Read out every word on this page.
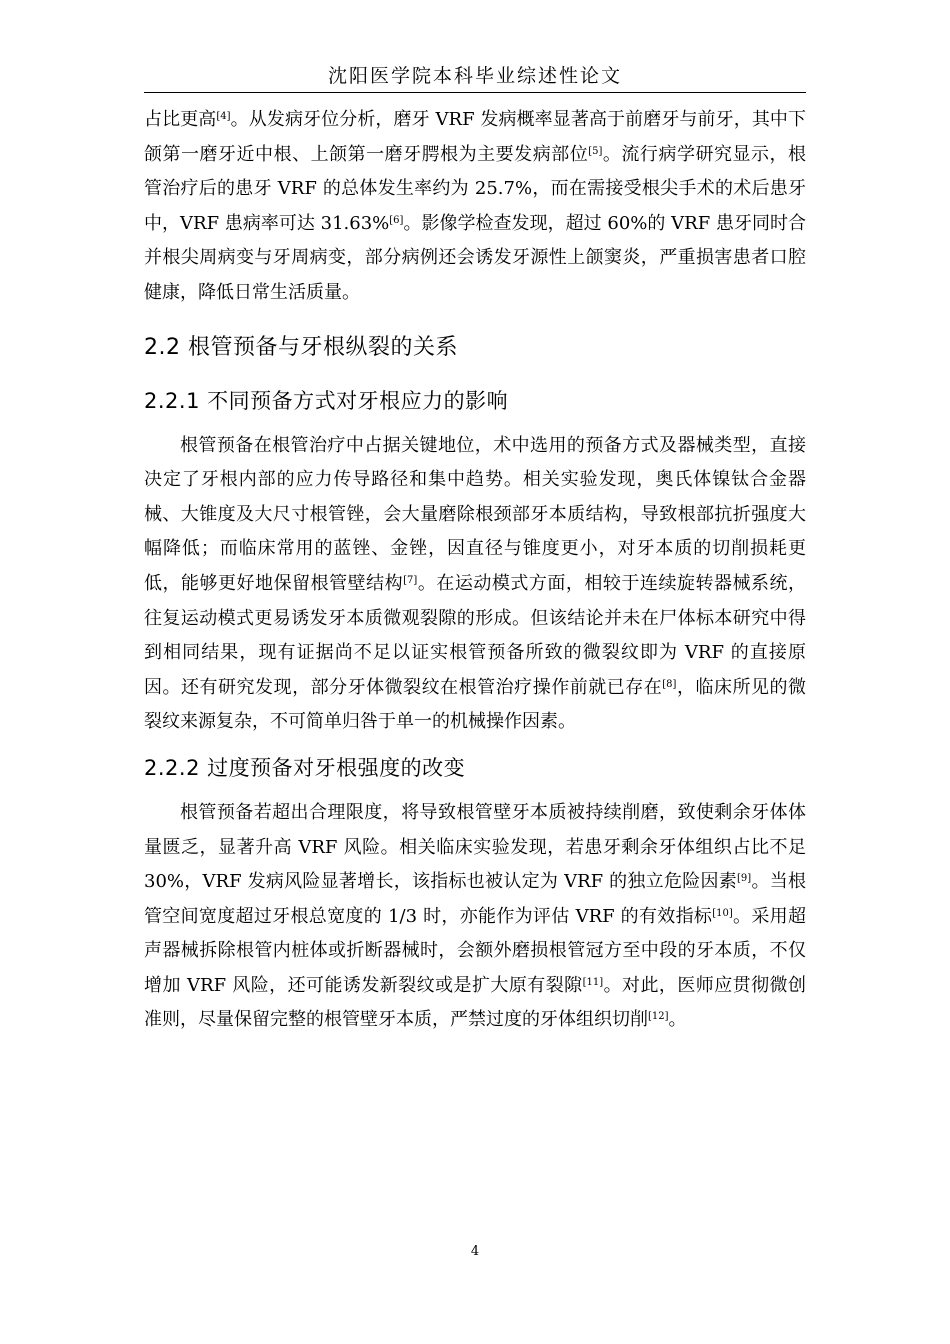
沈阳医学院本科毕业综述性论文

占比更高[4]。从发病牙位分析，磨牙 VRF 发病概率显著高于前磨牙与前牙，其中下颌第一磨牙近中根、上颌第一磨牙腭根为主要发病部位[5]。流行病学研究显示，根管治疗后的患牙 VRF 的总体发生率约为 25.7%，而在需接受根尖手术的术后患牙中，VRF 患病率可达 31.63%[6]。影像学检查发现，超过 60%的 VRF 患牙同时合并根尖周病变与牙周病变，部分病例还会诱发牙源性上颌窦炎，严重损害患者口腔健康，降低日常生活质量。

2.2 根管预备与牙根纵裂的关系
2.2.1 不同预备方式对牙根应力的影响

根管预备在根管治疗中占据关键地位，术中选用的预备方式及器械类型，直接决定了牙根内部的应力传导路径和集中趋势。相关实验发现，奥氏体镍钛合金器械、大锥度及大尺寸根管锉，会大量磨除根颈部牙本质结构，导致根部抗折强度大幅降低；而临床常用的蓝锉、金锉，因直径与锥度更小，对牙本质的切削损耗更低，能够更好地保留根管壁结构[7]。在运动模式方面，相较于连续旋转器械系统，往复运动模式更易诱发牙本质微观裂隙的形成。但该结论并未在尸体标本研究中得到相同结果，现有证据尚不足以证实根管预备所致的微裂纹即为 VRF 的直接原因。还有研究发现，部分牙体微裂纹在根管治疗操作前就已存在[8]，临床所见的微裂纹来源复杂，不可简单归咎于单一的机械操作因素。

2.2.2 过度预备对牙根强度的改变

根管预备若超出合理限度，将导致根管壁牙本质被持续削磨，致使剩余牙体体量匮乏，显著升高 VRF 风险。相关临床实验发现，若患牙剩余牙体组织占比不足 30%，VRF 发病风险显著增长，该指标也被认定为 VRF 的独立危险因素[9]。当根管空间宽度超过牙根总宽度的 1/3 时，亦能作为评估 VRF 的有效指标[10]。采用超声器械拆除根管内桩体或折断器械时，会额外磨损根管冠方至中段的牙本质，不仅增加 VRF 风险，还可能诱发新裂纹或是扩大原有裂隙[11]。对此，医师应贯彻微创准则，尽量保留完整的根管壁牙本质，严禁过度的牙体组织切削[12]。

4
